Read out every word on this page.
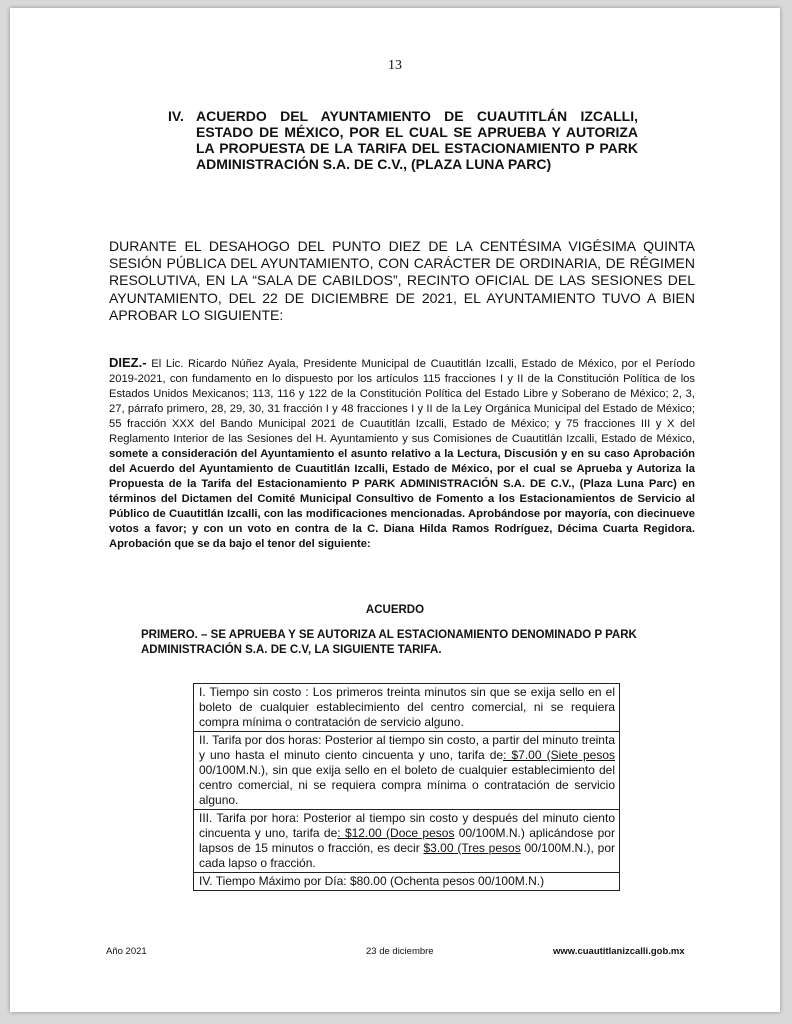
13
IV. ACUERDO DEL AYUNTAMIENTO DE CUAUTITLÁN IZCALLI, ESTADO DE MÉXICO, POR EL CUAL SE APRUEBA Y AUTORIZA LA PROPUESTA DE LA TARIFA DEL ESTACIONAMIENTO P PARK ADMINISTRACIÓN S.A. DE C.V., (PLAZA LUNA PARC)
DURANTE EL DESAHOGO DEL PUNTO DIEZ DE LA CENTÉSIMA VIGÉSIMA QUINTA SESIÓN PÚBLICA DEL AYUNTAMIENTO, CON CARÁCTER DE ORDINARIA, DE RÉGIMEN RESOLUTIVA, EN LA “SALA DE CABILDOS”, RECINTO OFICIAL DE LAS SESIONES DEL AYUNTAMIENTO, DEL 22 DE DICIEMBRE DE 2021, EL AYUNTAMIENTO TUVO A BIEN APROBAR LO SIGUIENTE:
DIEZ.- El Lic. Ricardo Núñez Ayala, Presidente Municipal de Cuautitlán Izcalli, Estado de México, por el Período 2019-2021, con fundamento en lo dispuesto por los artículos 115 fracciones I y II de la Constitución Política de los Estados Unidos Mexicanos; 113, 116 y 122 de la Constitución Política del Estado Libre y Soberano de México; 2, 3, 27, párrafo primero, 28, 29, 30, 31 fracción I y 48 fracciones I y II de la Ley Orgánica Municipal del Estado de México; 55 fracción XXX del Bando Municipal 2021 de Cuautitlán Izcalli, Estado de México; y 75 fracciones III y X del Reglamento Interior de las Sesiones del H. Ayuntamiento y sus Comisiones de Cuautitlán Izcalli, Estado de México, somete a consideración del Ayuntamiento el asunto relativo a la Lectura, Discusión y en su caso Aprobación del Acuerdo del Ayuntamiento de Cuautitlán Izcalli, Estado de México, por el cual se Aprueba y Autoriza la Propuesta de la Tarifa del Estacionamiento P PARK ADMINISTRACIÓN S.A. DE C.V., (Plaza Luna Parc) en términos del Dictamen del Comité Municipal Consultivo de Fomento a los Estacionamientos de Servicio al Público de Cuautitlán Izcalli, con las modificaciones mencionadas. Aprobándose por mayoría, con diecinueve votos a favor; y con un voto en contra de la C. Diana Hilda Ramos Rodríguez, Décima Cuarta Regidora. Aprobación que se da bajo el tenor del siguiente:
ACUERDO
PRIMERO. – SE APRUEBA Y SE AUTORIZA AL ESTACIONAMIENTO DENOMINADO P PARK ADMINISTRACIÓN S.A. DE C.V, LA SIGUIENTE TARIFA.
I. Tiempo sin costo : Los primeros treinta minutos sin que se exija sello en el boleto de cualquier establecimiento del centro comercial, ni se requiera compra mínima o contratación de servicio alguno.
II. Tarifa por dos horas: Posterior al tiempo sin costo, a partir del minuto treinta y uno hasta el minuto ciento cincuenta y uno, tarifa de: $7.00 (Siete pesos 00/100M.N.), sin que exija sello en el boleto de cualquier establecimiento del centro comercial, ni se requiera compra mínima o contratación de servicio alguno.
III. Tarifa por hora: Posterior al tiempo sin costo y después del minuto ciento cincuenta y uno, tarifa de: $12.00 (Doce pesos 00/100M.N.) aplicándose por lapsos de 15 minutos o fracción, es decir $3.00 (Tres pesos 00/100M.N.), por cada lapso o fracción.
IV. Tiempo Máximo por Día: $80.00 (Ochenta pesos 00/100M.N.)
Año 2021	23 de diciembre	www.cuautitlanizcalli.gob.mx
